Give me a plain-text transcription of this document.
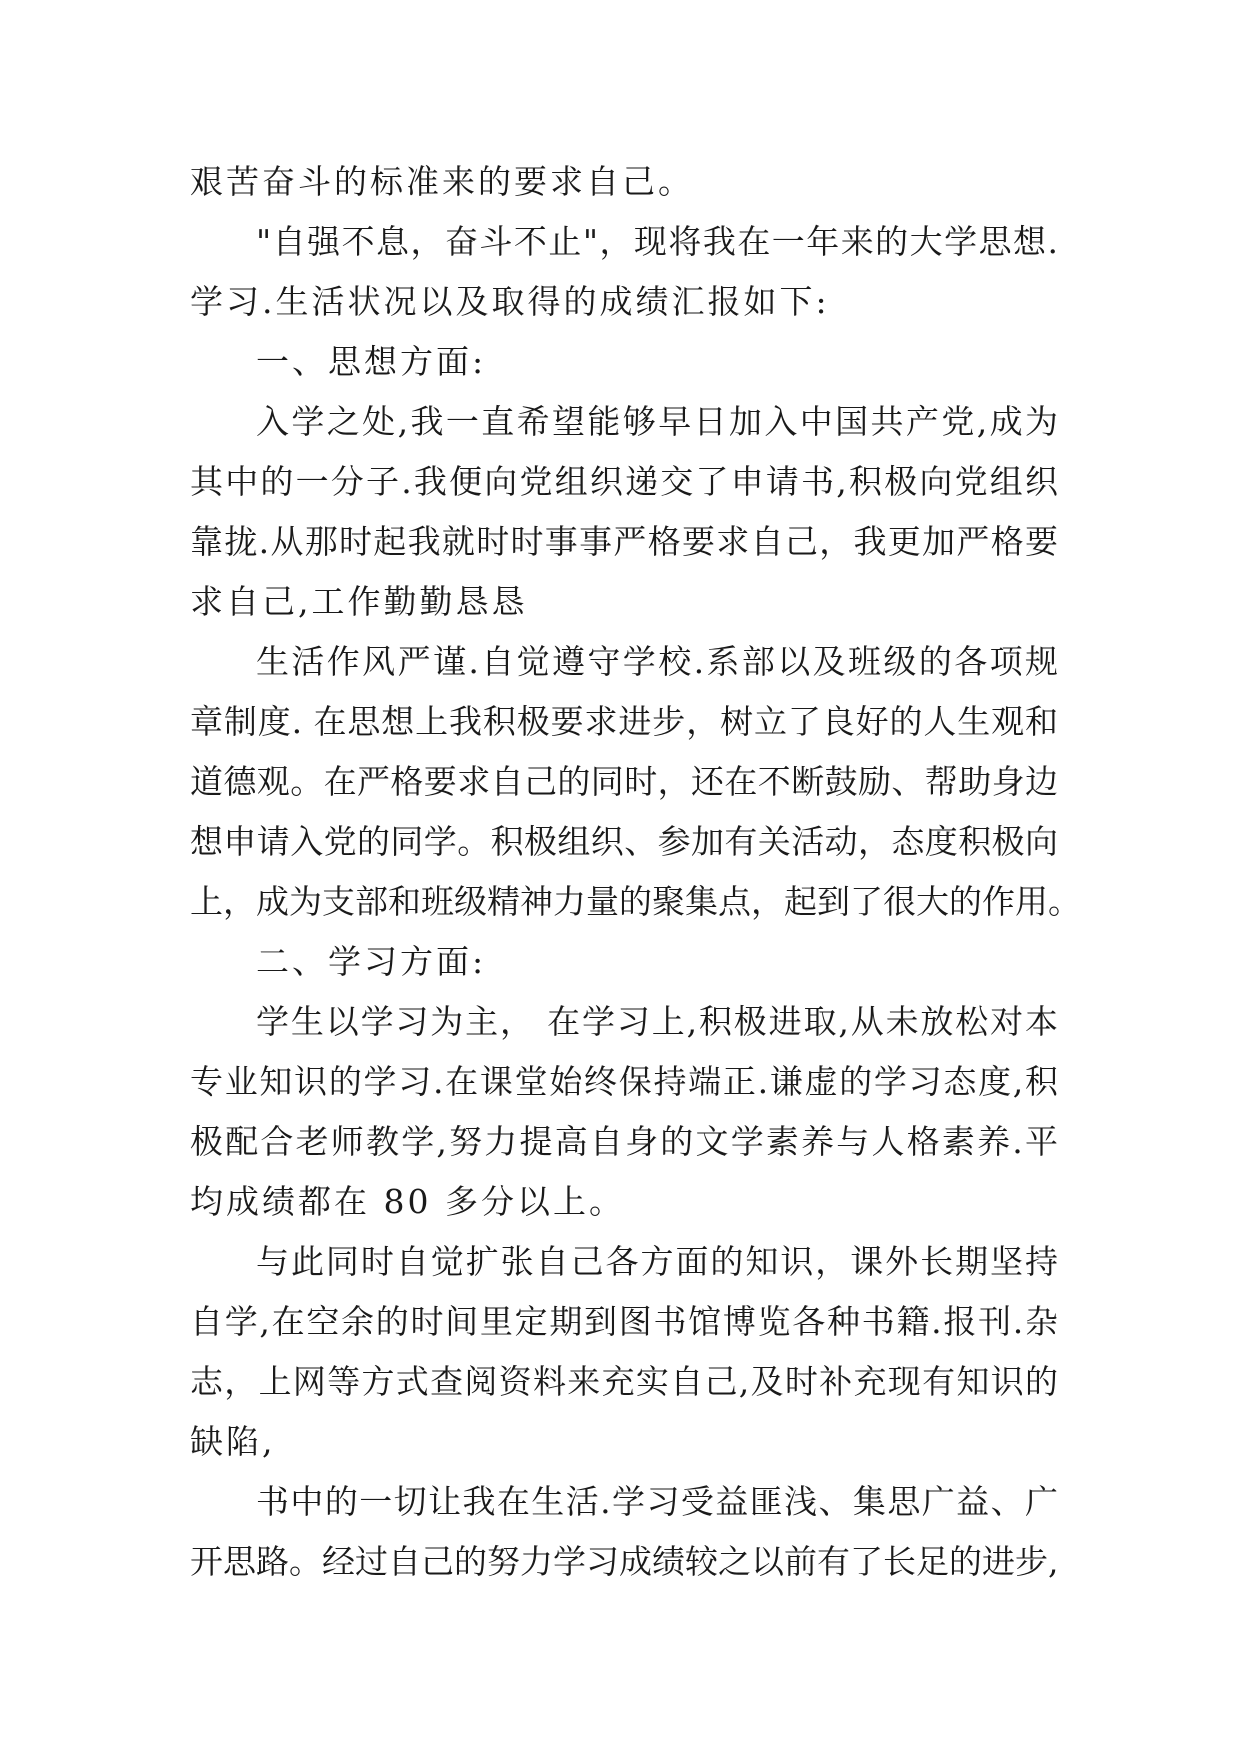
艰苦奋斗的标准来的要求自己。
"自强不息，奋斗不止"，现将我在一年来的大学思想.
学习.生活状况以及取得的成绩汇报如下:
一、思想方面:
入学之处,我一直希望能够早日加入中国共产党,成为
其中的一分子.我便向党组织递交了申请书,积极向党组织
靠拢.从那时起我就时时事事严格要求自己，我更加严格要
求自己,工作勤勤恳恳
生活作风严谨.自觉遵守学校.系部以及班级的各项规
章制度. 在思想上我积极要求进步，树立了良好的人生观和
道德观。在严格要求自己的同时，还在不断鼓励、帮助身边
想申请入党的同学。积极组织、参加有关活动，态度积极向
上，成为支部和班级精神力量的聚集点，起到了很大的作用。
二、学习方面:
学生以学习为主， 在学习上,积极进取,从未放松对本
专业知识的学习.在课堂始终保持端正.谦虚的学习态度,积
极配合老师教学,努力提高自身的文学素养与人格素养.平
均成绩都在 80 多分以上。
与此同时自觉扩张自己各方面的知识，课外长期坚持
自学,在空余的时间里定期到图书馆博览各种书籍.报刊.杂
志，上网等方式查阅资料来充实自己,及时补充现有知识的
缺陷,
书中的一切让我在生活.学习受益匪浅、集思广益、广
开思路。经过自己的努力学习成绩较之以前有了长足的进步,
